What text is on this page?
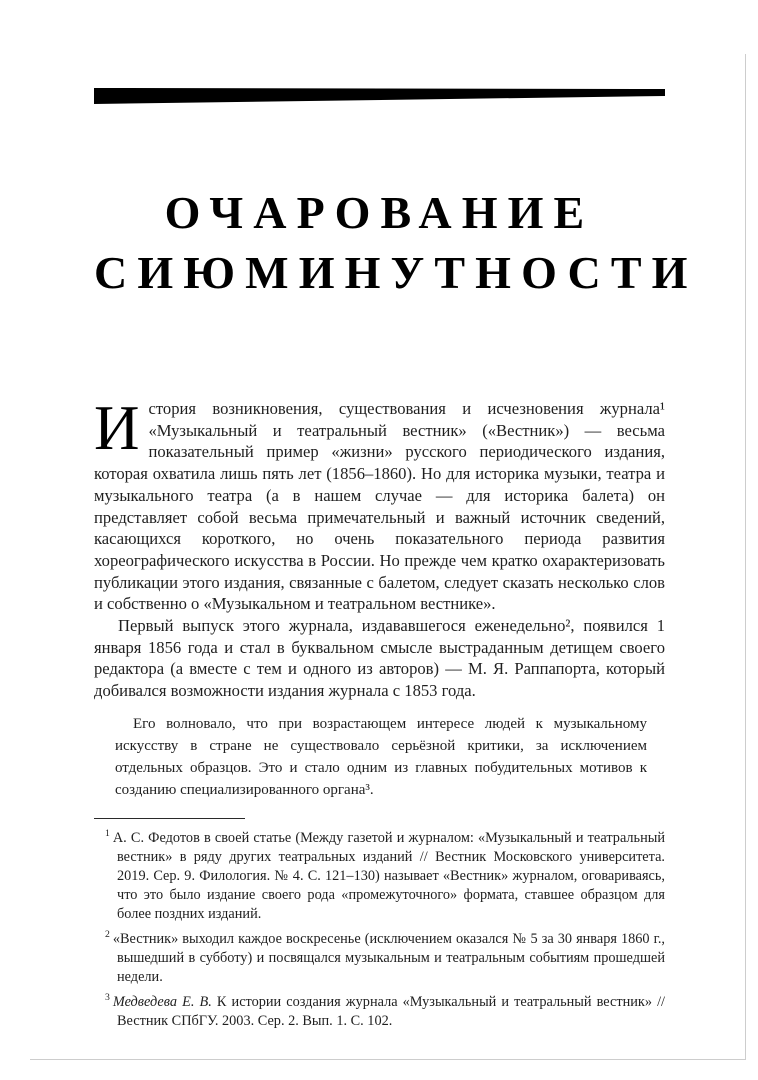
ОЧАРОВАНИЕ
СИЮМИНУТНОСТИ

История возникновения, существования и исчезновения журнала¹ «Музыкальный и театральный вестник» («Вестник») — весьма показательный пример «жизни» русского периодического издания, которая охватила лишь пять лет (1856–1860). Но для историка музыки, театра и музыкального театра (а в нашем случае — для историка балета) он представляет собой весьма примечательный и важный источник сведений, касающихся короткого, но очень показательного периода развития хореографического искусства в России. Но прежде чем кратко охарактеризовать публикации этого издания, связанные с балетом, следует сказать несколько слов и собственно о «Музыкальном и театральном вестнике».

Первый выпуск этого журнала, издававшегося еженедельно², появился 1 января 1856 года и стал в буквальном смысле выстраданным детищем своего редактора (а вместе с тем и одного из авторов) — М. Я. Раппапорта, который добивался возможности издания журнала с 1853 года.

Его волновало, что при возрастающем интересе людей к музыкальному искусству в стране не существовало серьёзной критики, за исключением отдельных образцов. Это и стало одним из главных побудительных мотивов к созданию специализированного органа³.

$^1$ А. С. Федотов в своей статье (Между газетой и журналом: «Музыкальный и театральный вестник» в ряду других театральных изданий // Вестник Московского университета. 2019. Сер. 9. Филология. № 4. С. 121–130) называет «Вестник» журналом, оговариваясь, что это было издание своего рода «промежуточного» формата, ставшее образцом для более поздних изданий.

$^2$ «Вестник» выходил каждое воскресенье (исключением оказался № 5 за 30 января 1860 г., вышедший в субботу) и посвящался музыкальным и театральным событиям прошедшей недели.

$^3$ Медведева Е. В. К истории создания журнала «Музыкальный и театральный вестник» // Вестник СПбГУ. 2003. Сер. 2. Вып. 1. С. 102.
